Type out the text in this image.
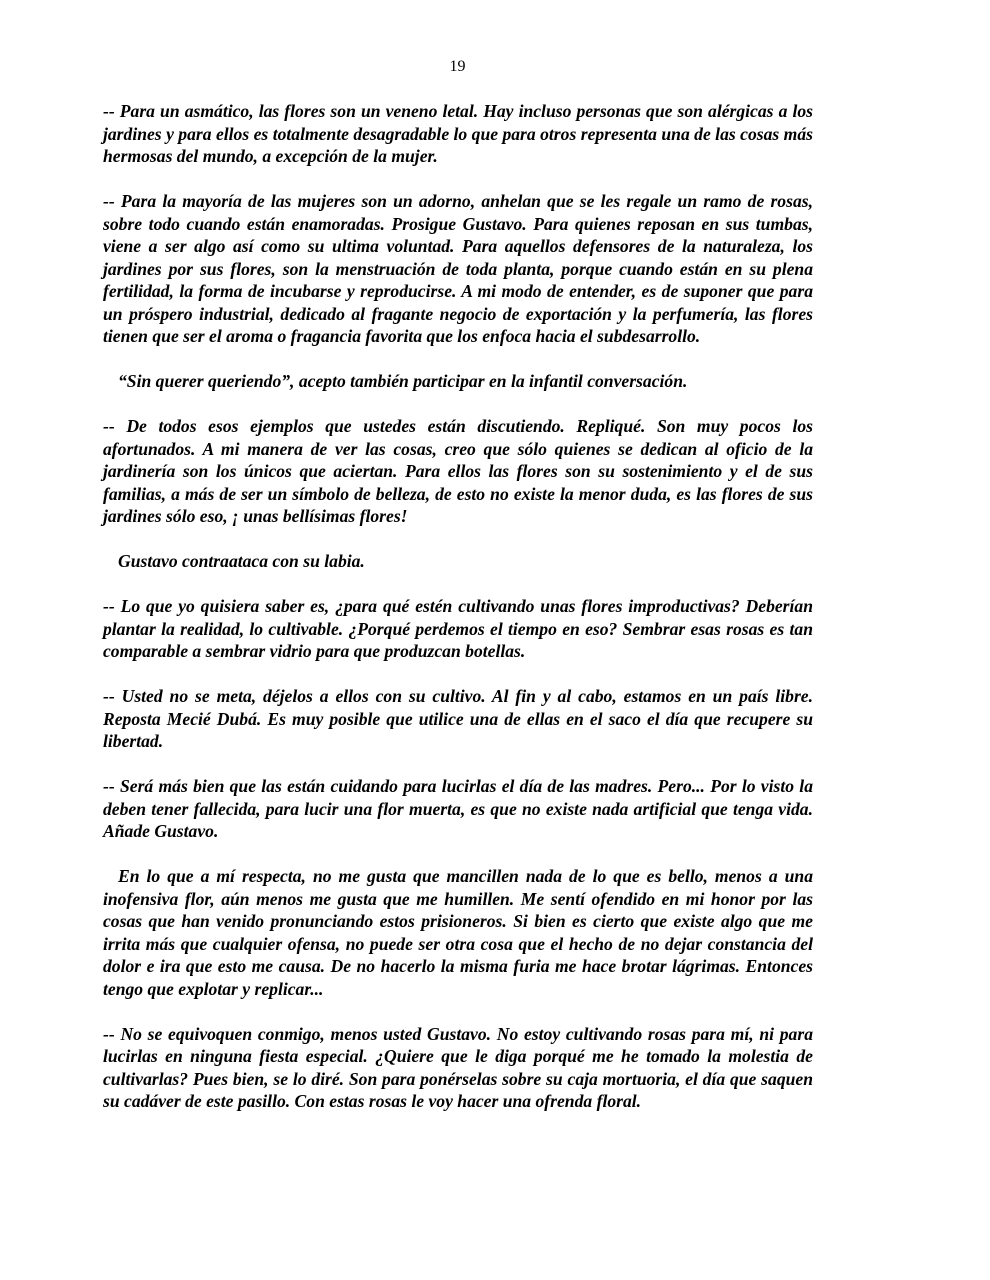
19

-- Para un asmático, las flores son un veneno letal. Hay incluso personas que son alérgicas a los jardines y para ellos es totalmente desagradable lo que para otros representa una de las cosas más hermosas del mundo, a excepción de la mujer.

-- Para la mayoría de las mujeres son un adorno, anhelan que se les regale un ramo de rosas, sobre todo cuando están enamoradas. Prosigue Gustavo. Para quienes reposan en sus tumbas, viene a ser algo así como su ultima voluntad. Para aquellos defensores de la naturaleza, los jardines por sus flores, son la menstruación de toda planta, porque cuando están en su plena fertilidad, la forma de incubarse y reproducirse. A mi modo de entender, es de suponer que para un próspero industrial, dedicado al fragante negocio de exportación y la perfumería, las flores tienen que ser el aroma o fragancia favorita que los enfoca hacia el subdesarrollo.

“Sin querer queriendo”, acepto también participar en la infantil conversación.

-- De todos esos ejemplos que ustedes están discutiendo. Repliqué. Son muy pocos los afortunados. A mi manera de ver las cosas, creo que sólo quienes se dedican al oficio de la jardinería son los únicos que aciertan. Para ellos las flores son su sostenimiento y el de sus familias, a más de ser un símbolo de belleza, de esto no existe la menor duda, es las flores de sus jardines sólo eso, ¡ unas bellísimas flores!

Gustavo contraataca con su labia.

-- Lo que yo quisiera saber es, ¿para qué estén cultivando unas flores improductivas? Deberían plantar la realidad, lo cultivable. ¿Porqué perdemos el tiempo en eso? Sembrar esas rosas es tan comparable a sembrar vidrio para que produzcan botellas.

-- Usted no se meta, déjelos a ellos con su cultivo. Al fin y al cabo, estamos en un país libre. Reposta Mecié Dubá. Es muy posible que utilice una de ellas en el saco el día que recupere su libertad.

-- Será más bien que las están cuidando para lucirlas el día de las madres. Pero... Por lo visto la deben tener fallecida, para lucir una flor muerta, es que no existe nada artificial que tenga vida. Añade Gustavo.

En lo que a mí respecta, no me gusta que mancillen nada de lo que es bello, menos a una inofensiva flor, aún menos me gusta que me humillen. Me sentí ofendido en mi honor por las cosas que han venido pronunciando estos prisioneros. Si bien es cierto que existe algo que me irrita más que cualquier ofensa, no puede ser otra cosa que el hecho de no dejar constancia del dolor e ira que esto me causa. De no hacerlo la misma furia me hace brotar lágrimas. Entonces tengo que explotar y replicar...

-- No se equivoquen conmigo, menos usted Gustavo. No estoy cultivando rosas para mí, ni para lucirlas en ninguna fiesta especial. ¿Quiere que le diga porqué me he tomado la molestia de cultivarlas? Pues bien, se lo diré. Son para ponérselas sobre su caja mortuoria, el día que saquen su cadáver de este pasillo. Con estas rosas le voy hacer una ofrenda floral.
